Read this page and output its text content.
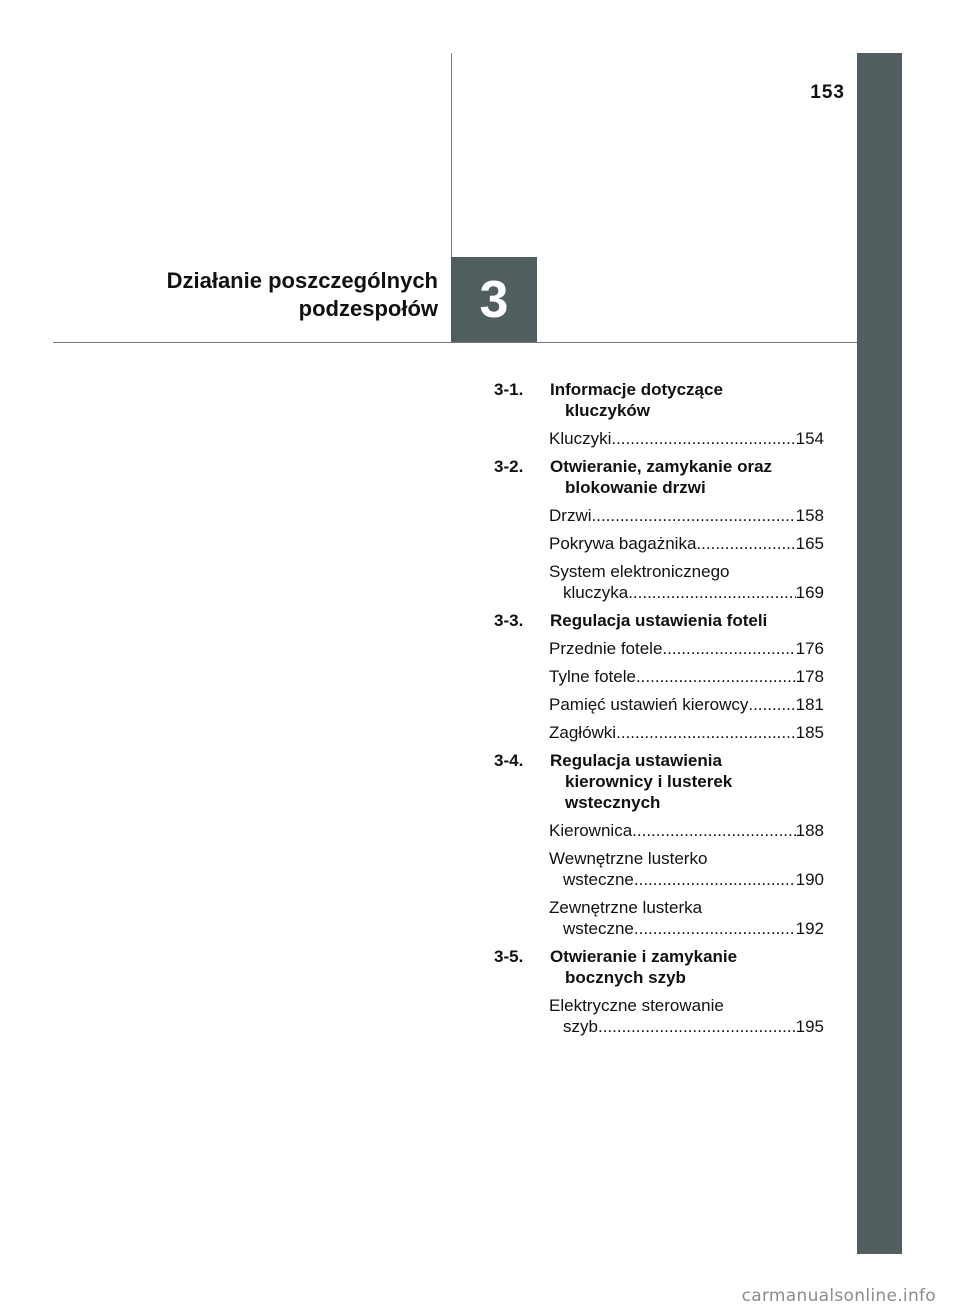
153
Działanie poszczególnych
podzespołów 3
3-1.	Informacje dotyczące
kluczyków
Kluczyki .....	154
3-2.	Otwieranie, zamykanie oraz
blokowanie drzwi
Drzwi .....	158
Pokrywa bagażnika .....	165
System elektronicznego
kluczyka .....	169
3-3.	Regulacja ustawienia foteli
Przednie fotele .....	176
Tylne fotele .....	178
Pamięć ustawień kierowcy .....	181
Zagłówki .....	185
3-4.	Regulacja ustawienia
kierownicy i lusterek
wstecznych
Kierownica .....	188
Wewnętrzne lusterko
wsteczne .....	190
Zewnętrzne lusterka
wsteczne .....	192
3-5.	Otwieranie i zamykanie
bocznych szyb
Elektryczne sterowanie
szyb .....	195
carmanualsonline.info
